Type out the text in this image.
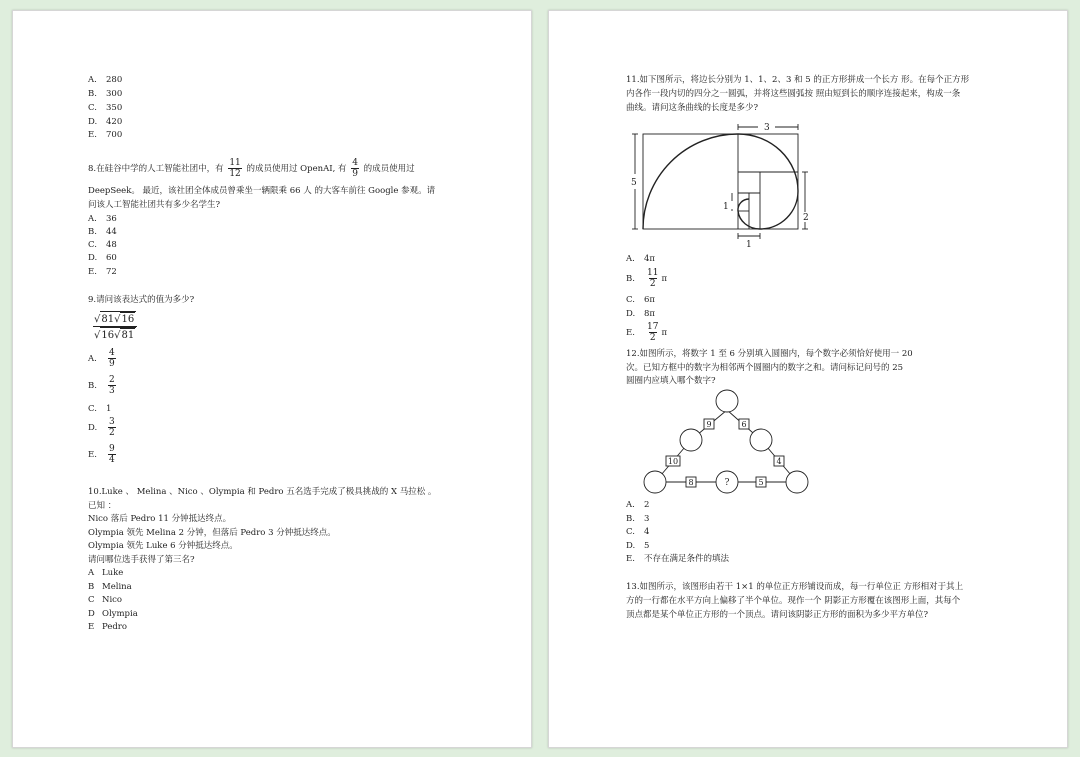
A. 280
B. 300
C. 350
D. 420
E. 700
8.在硅谷中学的人工智能社团中，有 $\frac{11}{12}$ 的成员使用过 OpenAI, 有 $\frac{4}{9}$ 的成员使用过
DeepSeek。 最近，该社团全体成员曾乘坐一辆限乘 66 人 的大客车前往 Google 参观。请
问该人工智能社团共有多少名学生?
A. 36
B. 44
C. 48
D. 60
E. 72
9.请问该表达式的值为多少?
$\frac{√81√16}{√16√81}$
A. $\frac{4}{9}$
B. $\frac{2}{3}$
C. 1
D. $\frac{3}{2}$
E. $\frac{9}{4}$
10.Luke 、 Melina 、Nico 、Olympia 和 Pedro 五名选手完成了极具挑战的 X 马拉松 。
已知 ：
Nico 落后 Pedro 11 分钟抵达终点。
Olympia 领先 Melina 2 分钟，但落后 Pedro 3 分钟抵达终点。
Olympia 领先 Luke 6 分钟抵达终点。
请问哪位选手获得了第三名?
A Luke
B Melina
C Nico
D Olympia
E Pedro
11.如下图所示，将边长分别为 1、1、2、3 和 5 的正方形拼成一个长方 形。在每个正方形
内各作一段内切的四分之一圆弧，并将这些圆弧按 照由短到长的顺序连接起来，构成一条
曲线。请问这条曲线的长度是多少?
3
5
1
2
1
A. 4π
B. $\frac{11}{2}$ π
C. 6π
D. 8π
E. $\frac{17}{2}$ π
12.如图所示，将数字 1 至 6 分别填入圆圈内，每个数字必须恰好使用一 20
次。已知方框中的数字为相邻两个圆圈内的数字之和。请问标记问号的 25
圆圈内应填入哪个数字?
9	6
10	4
8	5
?
A. 2
B. 3
C. 4
D. 5
E. 不存在满足条件的填法
13.如图所示，该图形由若干 1×1 的单位正方形铺设而成，每一行单位正 方形相对于其上
方的一行都在水平方向上偏移了半个单位。现作一个 阴影正方形覆在该图形上面，其每个
顶点都是某个单位正方形的一个顶点。请问该阴影正方形的面积为多少平方单位?
